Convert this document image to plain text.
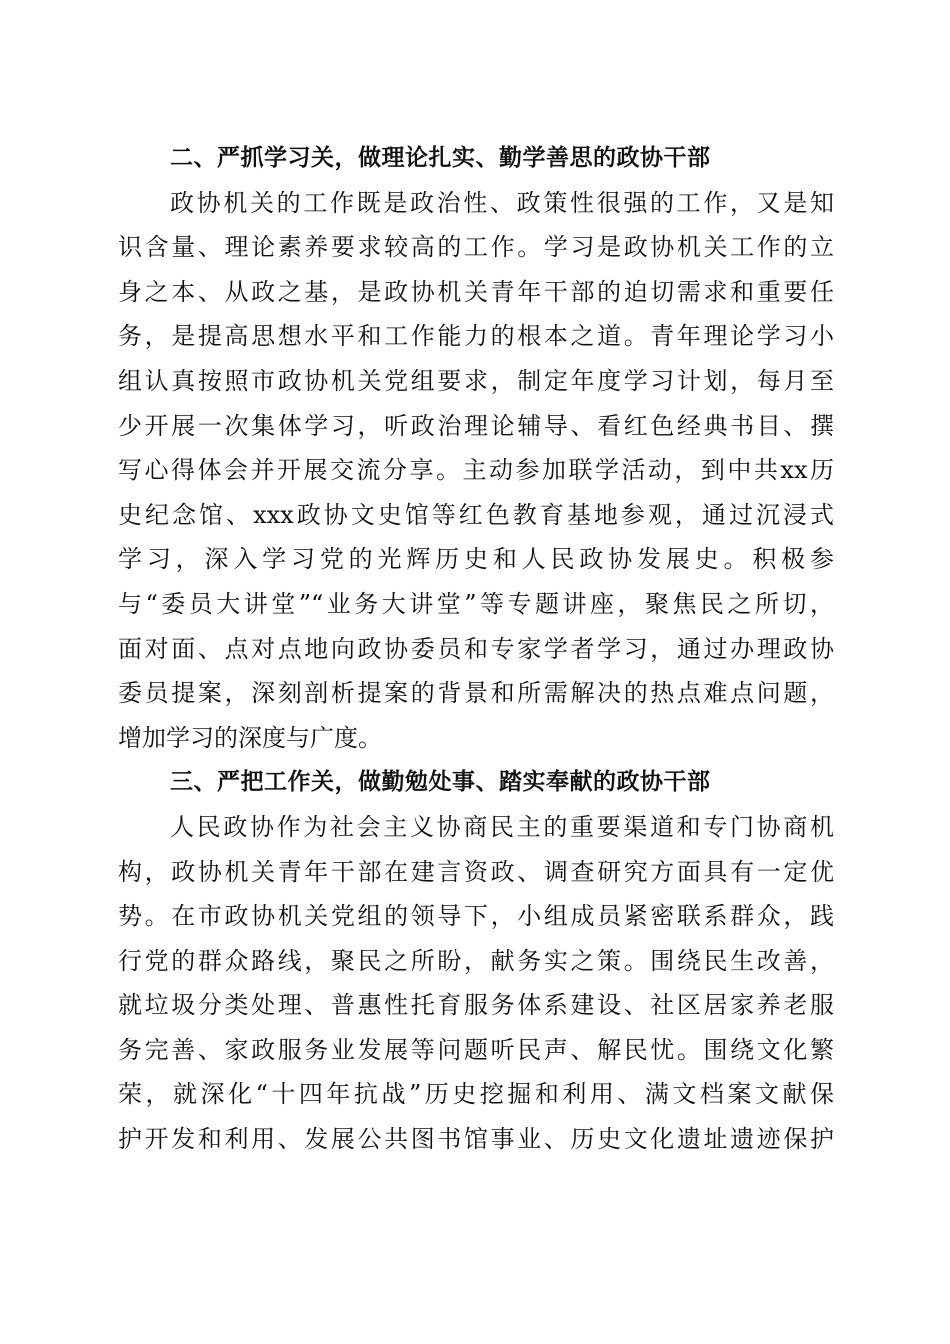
二、严抓学习关，做理论扎实、勤学善思的政协干部
政协机关的工作既是政治性、政策性很强的工作，又是知
识含量、理论素养要求较高的工作。学习是政协机关工作的立
身之本、从政之基，是政协机关青年干部的迫切需求和重要任
务，是提高思想水平和工作能力的根本之道。青年理论学习小
组认真按照市政协机关党组要求，制定年度学习计划，每月至
少开展一次集体学习，听政治理论辅导、看红色经典书目、撰
写心得体会并开展交流分享。主动参加联学活动，到中共xx历
史纪念馆、xxx政协文史馆等红色教育基地参观，通过沉浸式
学习，深入学习党的光辉历史和人民政协发展史。积极参
与“委员大讲堂”“业务大讲堂”等专题讲座，聚焦民之所切，
面对面、点对点地向政协委员和专家学者学习，通过办理政协
委员提案，深刻剖析提案的背景和所需解决的热点难点问题，
增加学习的深度与广度。
三、严把工作关，做勤勉处事、踏实奉献的政协干部
人民政协作为社会主义协商民主的重要渠道和专门协商机
构，政协机关青年干部在建言资政、调查研究方面具有一定优
势。在市政协机关党组的领导下，小组成员紧密联系群众，践
行党的群众路线，聚民之所盼，献务实之策。围绕民生改善，
就垃圾分类处理、普惠性托育服务体系建设、社区居家养老服
务完善、家政服务业发展等问题听民声、解民忧。围绕文化繁
荣，就深化“十四年抗战”历史挖掘和利用、满文档案文献保
护开发和利用、发展公共图书馆事业、历史文化遗址遗迹保护
